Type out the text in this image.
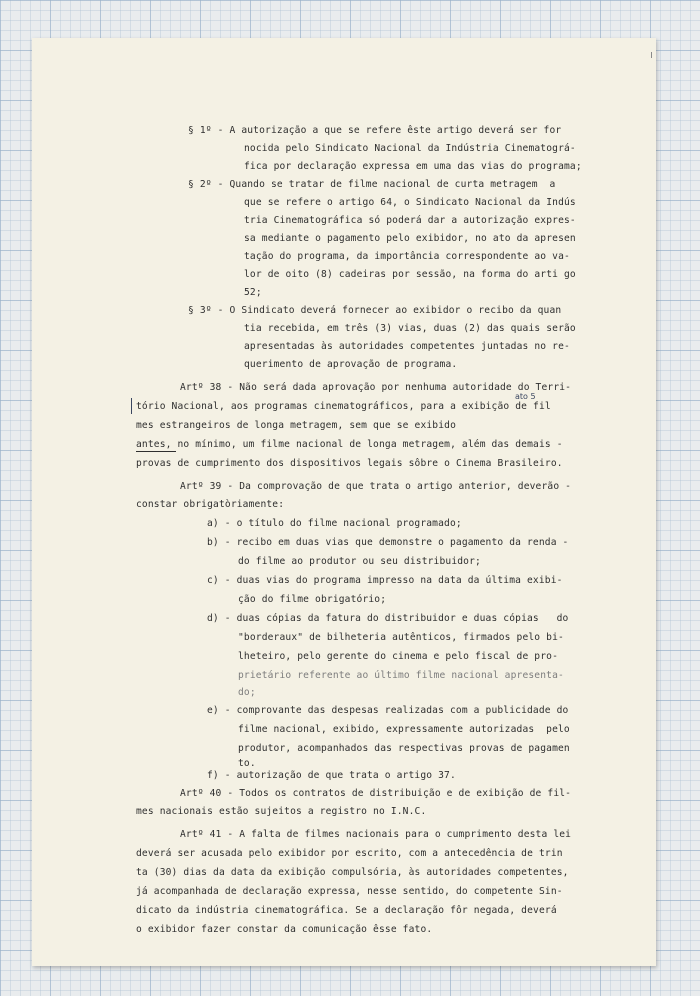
§ 1º - A autorização a que se refere êste artigo deverá ser for
nocida pelo Sindicato Nacional da Indústria Cinematográ-
fica por declaração expressa em uma das vias do programa;
§ 2º - Quando se tratar de filme nacional de curta metragem  a
que se refere o artigo 64, o Sindicato Nacional da Indús
tria Cinematográfica só poderá dar a autorização expres-
sa mediante o pagamento pelo exibidor, no ato da apresen
tação do programa, da importância correspondente ao va-
lor de oito (8) cadeiras por sessão, na forma do arti go
52;
§ 3º - O Sindicato deverá fornecer ao exibidor o recibo da quan
tia recebida, em três (3) vias, duas (2) das quais serão
apresentadas às autoridades competentes juntadas no re-
querimento de aprovação de programa.
Artº 38 - Não será dada aprovação por nenhuma autoridade do Terri-
tório Nacional, aos programas cinematográficos, para a exibição de fil
mes estrangeiros de longa metragem, sem que se exibido
antes, no mínimo, um filme nacional de longa metragem, além das demais -
provas de cumprimento dos dispositivos legais sôbre o Cinema Brasileiro.
ato 5
Artº 39 - Da comprovação de que trata o artigo anterior, deverão -
constar obrigatòriamente:
a) - o título do filme nacional programado;
b) - recibo em duas vias que demonstre o pagamento da renda -
do filme ao produtor ou seu distribuidor;
c) - duas vias do programa impresso na data da última exibi-
ção do filme obrigatório;
d) - duas cópias da fatura do distribuidor e duas cópias   do
"borderaux" de bilheteria autênticos, firmados pelo bi-
lheteiro, pelo gerente do cinema e pelo fiscal de pro-
prietário referente ao último filme nacional apresenta-
do;
e) - comprovante das despesas realizadas com a publicidade do
filme nacional, exibido, expressamente autorizadas  pelo
produtor, acompanhados das respectivas provas de pagamen
to.
f) - autorização de que trata o artigo 37.
Artº 40 - Todos os contratos de distribuição e de exibição de fil-
mes nacionais estão sujeitos a registro no I.N.C.
Artº 41 - A falta de filmes nacionais para o cumprimento desta lei
deverá ser acusada pelo exibidor por escrito, com a antecedência de trin
ta (30) dias da data da exibição compulsória, às autoridades competentes,
já acompanhada de declaração expressa, nesse sentido, do competente Sin-
dicato da indústria cinematográfica. Se a declaração fôr negada, deverá
o exibidor fazer constar da comunicação êsse fato.
